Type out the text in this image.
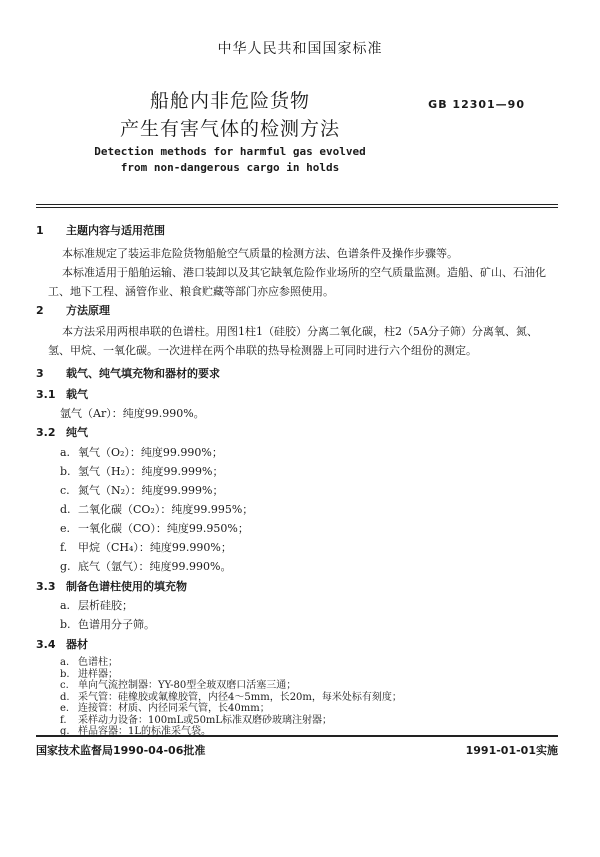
中华人民共和国国家标准
GB 12301—90
船舱内非危险货物
产生有害气体的检测方法
Detection methods for harmful gas evolved
from non-dangerous cargo in holds
1 主题内容与适用范围
本标准规定了装运非危险货物船舱空气质量的检测方法、色谱条件及操作步骤等。
本标准适用于船舶运输、港口装卸以及其它缺氧危险作业场所的空气质量监测。造船、矿山、石油化工、地下工程、涵管作业、粮食贮藏等部门亦应参照使用。
2 方法原理
本方法采用两根串联的色谱柱。用图1柱1（硅胶）分离二氧化碳，柱2（5A分子筛）分离氧、氮、氢、甲烷、一氧化碳。一次进样在两个串联的热导检测器上可同时进行六个组份的测定。
3 载气、纯气填充物和器材的要求
3.1 载气
氩气（Ar）：纯度99.990%。
3.2 纯气
a. 氧气（O₂）：纯度99.990%；
b. 氢气（H₂）：纯度99.999%；
c. 氮气（N₂）：纯度99.999%；
d. 二氧化碳（CO₂）：纯度99.995%；
e. 一氧化碳（CO）：纯度99.950%；
f. 甲烷（CH₄）：纯度99.990%；
g. 底气（氩气）：纯度99.990%。
3.3 制备色谱柱使用的填充物
a. 层析硅胶；
b. 色谱用分子筛。
3.4 器材
国家技术监督局1990-04-06批准	1991-01-01实施
a. 色谱柱；
b. 进样器；
c. 单向气流控制器：YY-80型全玻双磨口活塞三通；
d. 采气管：硅橡胶或氟橡胶管，内径4～5mm，长20m，每米处标有刻度；
e. 连接管：材质、内径同采气管，长40mm；
f. 采样动力设备：100mL或50mL标准双磨砂玻璃注射器；
g. 样品容器：1L的标准采气袋。
